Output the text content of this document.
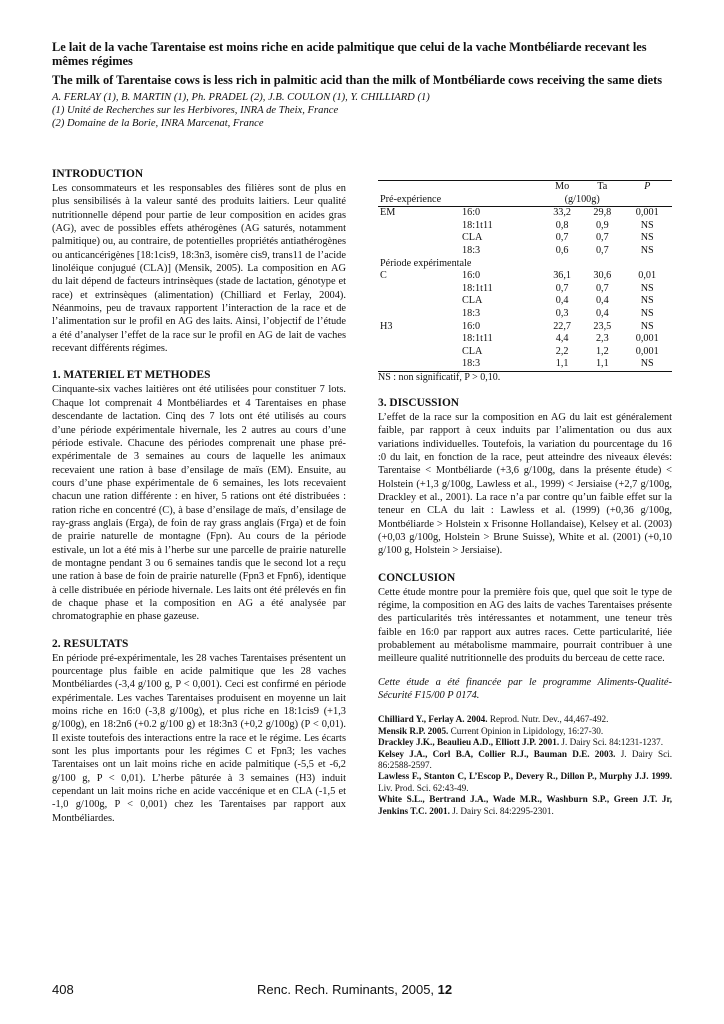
Le lait de la vache Tarentaise est moins riche en acide palmitique que celui de la vache Montbéliarde recevant les mêmes régimes

The milk of Tarentaise cows is less rich in palmitic acid than the milk of Montbéliarde cows receiving the same diets

A. FERLAY (1), B. MARTIN (1), Ph. PRADEL (2), J.B. COULON (1), Y. CHILLIARD (1)
(1) Unité de Recherches sur les Herbivores, INRA de Theix, France
(2) Domaine de la Borie, INRA Marcenat, France
INTRODUCTION

Les consommateurs et les responsables des filières sont de plus en plus sensibilisés à la valeur santé des produits laitiers. Leur qualité nutritionnelle dépend pour partie de leur composition en acides gras (AG), avec de possibles effets athérogènes (AG saturés, notamment palmitique) ou, au contraire, de potentielles propriétés antiathérogènes ou anticancérigènes [18:1cis9, 18:3n3, isomère cis9, trans11 de l’acide linoléique conjugué (CLA)] (Mensik, 2005). La composition en AG du lait dépend de facteurs intrinsèques (stade de lactation, génotype et race) et extrinsèques (alimentation) (Chilliard et Ferlay, 2004). Néanmoins, peu de travaux rapportent l’interaction de la race et de l’alimentation sur le profil en AG des laits. Ainsi, l’objectif de l’étude a été d’analyser l’effet de la race sur le profil en AG de lait de vaches recevant différents régimes.

1. MATERIEL ET METHODES

Cinquante-six vaches laitières ont été utilisées pour constituer 7 lots. Chaque lot comprenait 4 Montbéliardes et 4 Tarentaises en phase descendante de lactation. Cinq des 7 lots ont été utilisés au cours d’une période expérimentale hivernale, les 2 autres au cours d’une période estivale. Chacune des périodes comprenait une phase pré-expérimentale de 3 semaines au cours de laquelle les animaux recevaient une ration à base d’ensilage de maïs (EM). Ensuite, au cours d’une phase expérimentale de 6 semaines, les lots recevaient chacun une ration différente : en hiver, 5 rations ont été distribuées : ration riche en concentré (C), à base d’ensilage de maïs, d’ensilage de ray-grass anglais (Erga), de foin de ray grass anglais (Frga) et de foin de prairie naturelle de montagne (Fpn). Au cours de la période estivale, un lot a été mis à l’herbe sur une parcelle de prairie naturelle de montagne pendant 3 ou 6 semaines tandis que le second lot a reçu une ration à base de foin de prairie naturelle (Fpn3 et Fpn6), identique à celle distribuée en période hivernale. Les laits ont été prélevés en fin de chaque phase et la composition en AG a été analysée par chromatographie en phase gazeuse.

2. RESULTATS

En période pré-expérimentale, les 28 vaches Tarentaises présentent un pourcentage plus faible en acide palmitique que les 28 vaches Montbéliardes (-3,4 g/100 g, P < 0,001). Ceci est confirmé en période expérimentale. Les vaches Tarentaises produisent en moyenne un lait moins riche en 16:0 (-3,8 g/100g), et plus riche en 18:1cis9 (+1,3 g/100g), en 18:2n6 (+0.2 g/100 g) et 18:3n3 (+0,2 g/100g) (P < 0,01). Il existe toutefois des interactions entre la race et le régime. Les écarts sont les plus importants pour les régimes C et Fpn3; les vaches Tarentaises ont un lait moins riche en acide palmitique (-5,5 et -6,2 g/100 g, P < 0,01). L’herbe pâturée à 3 semaines (H3) induit cependant un lait moins riche en acide vaccénique et en CLA (-1,5 et -1,0 g/100g, P < 0,001) chez les Tarentaises par rapport aux Montbéliardes.

		Mo	Ta	P
Pré-expérience		(g/100g)		
EM	16:0	33,2	29,8	0,001
	18:1t11	0,8	0,9	NS
	CLA	0,7	0,7	NS
	18:3	0,6	0,7	NS
Période expérimentale				
C	16:0	36,1	30,6	0,01
	18:1t11	0,7	0,7	NS
	CLA	0,4	0,4	NS
	18:3	0,3	0,4	NS
H3	16:0	22,7	23,5	NS
	18:1t11	4,4	2,3	0,001
	CLA	2,2	1,2	0,001
	18:3	1,1	1,1	NS
NS : non significatif, P > 0,10.
3. DISCUSSION

L’effet de la race sur la composition en AG du lait est généralement faible, par rapport à ceux induits par l’alimentation ou dus aux variations individuelles. Toutefois, la variation du pourcentage du 16 :0 du lait, en fonction de la race, peut atteindre des niveaux élevés: Tarentaise < Montbéliarde (+3,6 g/100g, dans la présente étude) < Holstein (+1,3 g/100g, Lawless et al., 1999) < Jersiaise (+2,7 g/100g, Drackley et al., 2001). La race n’a par contre qu’un faible effet sur la teneur en CLA du lait : Lawless et al. (1999) (+0,36 g/100g, Montbéliarde > Holstein x Frisonne Hollandaise), Kelsey et al. (2003) (+0,03 g/100g, Holstein > Brune Suisse), White et al. (2001) (+0,10 g/100 g, Holstein > Jersiaise).

CONCLUSION

Cette étude montre pour la première fois que, quel que soit le type de régime, la composition en AG des laits de vaches Tarentaises présente des particularités très intéressantes et notamment, une teneur très faible en 16:0 par rapport aux autres races. Cette particularité, liée probablement au métabolisme mammaire, pourrait contribuer à une meilleure qualité nutritionnelle des produits du berceau de cette race.

Cette étude a été financée par le programme Aliments-Qualité-Sécurité F15/00 P 0174.
Chilliard Y., Ferlay A. 2004. Reprod. Nutr. Dev., 44,467-492.
Mensik R.P. 2005. Current Opinion in Lipidology, 16:27-30.
Drackley J.K., Beaulieu A.D., Elliott J.P. 2001. J. Dairy Sci. 84:1231-1237.
Kelsey J.A., Corl B.A, Collier R.J., Bauman D.E. 2003. J. Dairy Sci. 86:2588-2597.
Lawless F., Stanton C, L’Escop P., Devery R., Dillon P., Murphy J.J. 1999. Liv. Prod. Sci. 62:43-49.
White S.L., Bertrand J.A., Wade M.R., Washburn S.P., Green J.T. Jr, Jenkins T.C. 2001. J. Dairy Sci. 84:2295-2301.
408	Renc. Rech. Ruminants, 2005, 12
